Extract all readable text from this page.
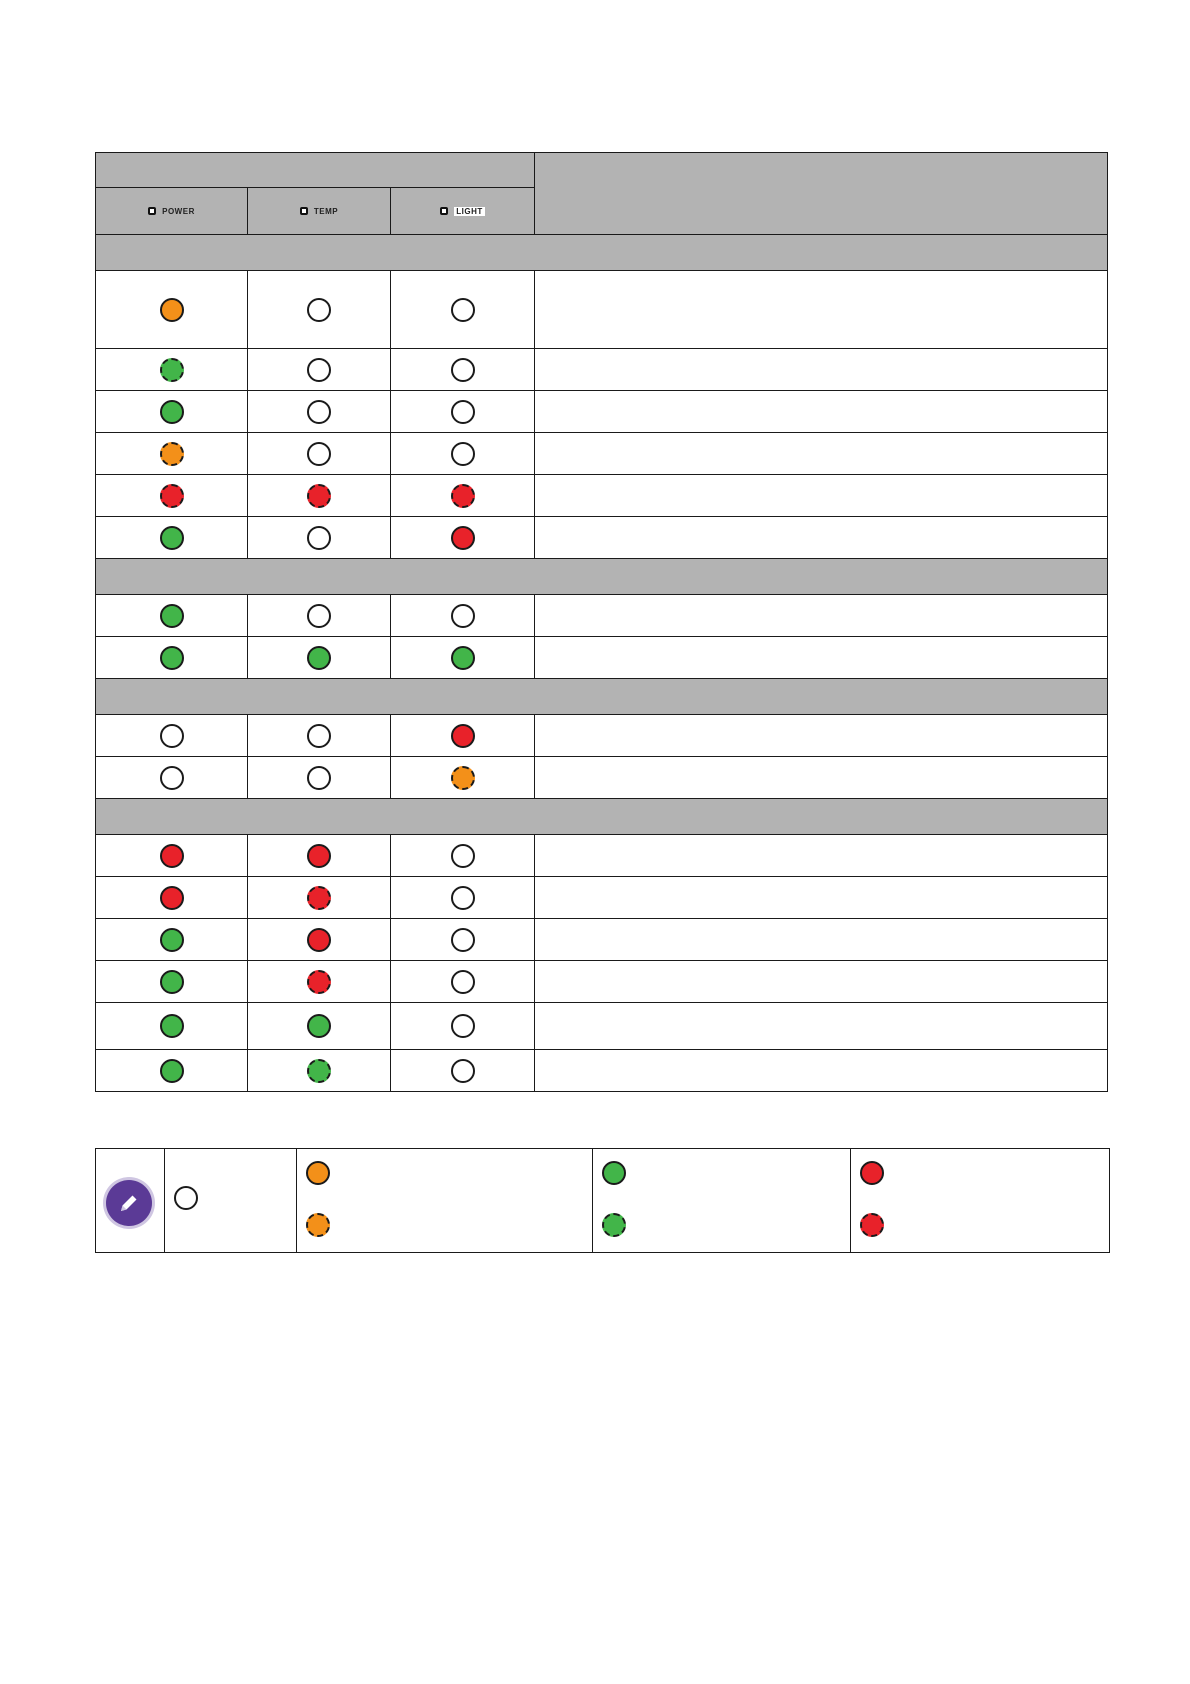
POWER	TEMP	LIGHT	
